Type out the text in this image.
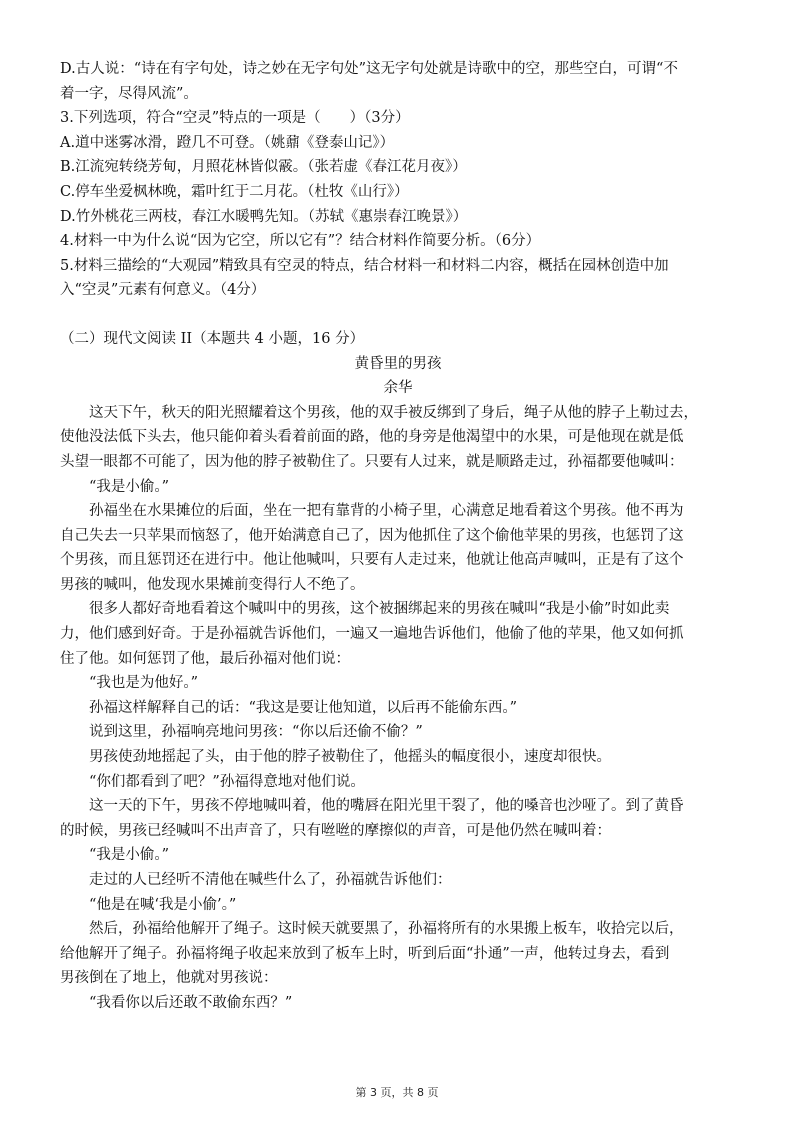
D.古人说：“诗在有字句处，诗之妙在无字句处”这无字句处就是诗歌中的空，那些空白，可谓“不

着一字，尽得风流”。

3.下列选项，符合“空灵”特点的一项是（　　）（3分）

A.道中迷雾冰滑，蹬几不可登。（姚鼐《登泰山记》）

B.江流宛转绕芳甸，月照花林皆似霰。（张若虚《春江花月夜》）

C.停车坐爱枫林晚，霜叶红于二月花。（杜牧《山行》）

D.竹外桃花三两枝，春江水暖鸭先知。（苏轼《惠崇春江晚景》）

4.材料一中为什么说“因为它空，所以它有”？结合材料作简要分析。（6分）

5.材料三描绘的“大观园”精致具有空灵的特点，结合材料一和材料二内容，概括在园林创造中加

入“空灵”元素有何意义。（4分）

（二）现代文阅读 II（本题共 4 小题，16 分）

黄昏里的男孩

余华

这天下午，秋天的阳光照耀着这个男孩，他的双手被反绑到了身后，绳子从他的脖子上勒过去，

使他没法低下头去，他只能仰着头看着前面的路，他的身旁是他渴望中的水果，可是他现在就是低

头望一眼都不可能了，因为他的脖子被勒住了。只要有人过来，就是顺路走过，孙福都要他喊叫：

“我是小偷。”

孙福坐在水果摊位的后面，坐在一把有靠背的小椅子里，心满意足地看着这个男孩。他不再为

自己失去一只苹果而恼怒了，他开始满意自己了，因为他抓住了这个偷他苹果的男孩，也惩罚了这

个男孩，而且惩罚还在进行中。他让他喊叫，只要有人走过来，他就让他高声喊叫，正是有了这个

男孩的喊叫，他发现水果摊前变得行人不绝了。

很多人都好奇地看着这个喊叫中的男孩，这个被捆绑起来的男孩在喊叫“我是小偷”时如此卖

力，他们感到好奇。于是孙福就告诉他们，一遍又一遍地告诉他们，他偷了他的苹果，他又如何抓

住了他。如何惩罚了他，最后孙福对他们说：

“我也是为他好。”

孙福这样解释自己的话：“我这是要让他知道，以后再不能偷东西。”

说到这里，孙福响亮地问男孩：“你以后还偷不偷？”

男孩使劲地摇起了头，由于他的脖子被勒住了，他摇头的幅度很小，速度却很快。

“你们都看到了吧？”孙福得意地对他们说。

这一天的下午，男孩不停地喊叫着，他的嘴唇在阳光里干裂了，他的嗓音也沙哑了。到了黄昏

的时候，男孩已经喊叫不出声音了，只有咝咝的摩擦似的声音，可是他仍然在喊叫着：

“我是小偷。”

走过的人已经听不清他在喊些什么了，孙福就告诉他们：

“他是在喊‘我是小偷’。”

然后，孙福给他解开了绳子。这时候天就要黑了，孙福将所有的水果搬上板车，收拾完以后，

给他解开了绳子。孙福将绳子收起来放到了板车上时，听到后面“扑通”一声，他转过身去，看到

男孩倒在了地上，他就对男孩说：

“我看你以后还敢不敢偷东西？”

第 3 页，共 8 页
